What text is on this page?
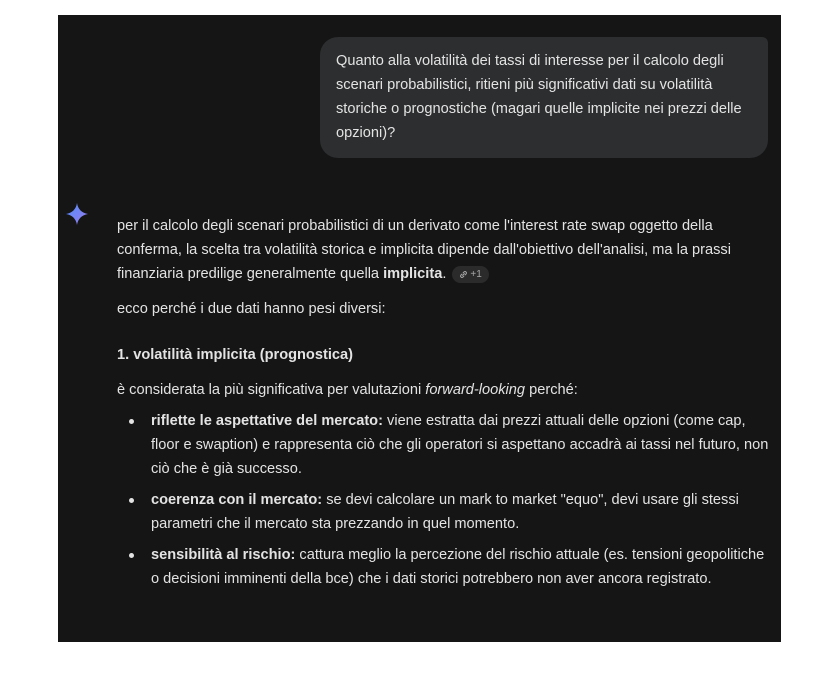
Quanto alla volatilità dei tassi di interesse per il calcolo degli scenari probabilistici, ritieni più significativi dati su volatilità storiche o prognostiche (magari quelle implicite nei prezzi delle opzioni)?

per il calcolo degli scenari probabilistici di un derivato come l'interest rate swap oggetto della conferma, la scelta tra volatilità storica e implicita dipende dall'obiettivo dell'analisi, ma la prassi finanziaria predilige generalmente quella implicita. +1

ecco perché i due dati hanno pesi diversi:

1. volatilità implicita (prognostica)

è considerata la più significativa per valutazioni forward-looking perché:

riflette le aspettative del mercato: viene estratta dai prezzi attuali delle opzioni (come cap, floor e swaption) e rappresenta ciò che gli operatori si aspettano accadrà ai tassi nel futuro, non ciò che è già successo.
coerenza con il mercato: se devi calcolare un mark to market "equo", devi usare gli stessi parametri che il mercato sta prezzando in quel momento.
sensibilità al rischio: cattura meglio la percezione del rischio attuale (es. tensioni geopolitiche o decisioni imminenti della bce) che i dati storici potrebbero non aver ancora registrato.
